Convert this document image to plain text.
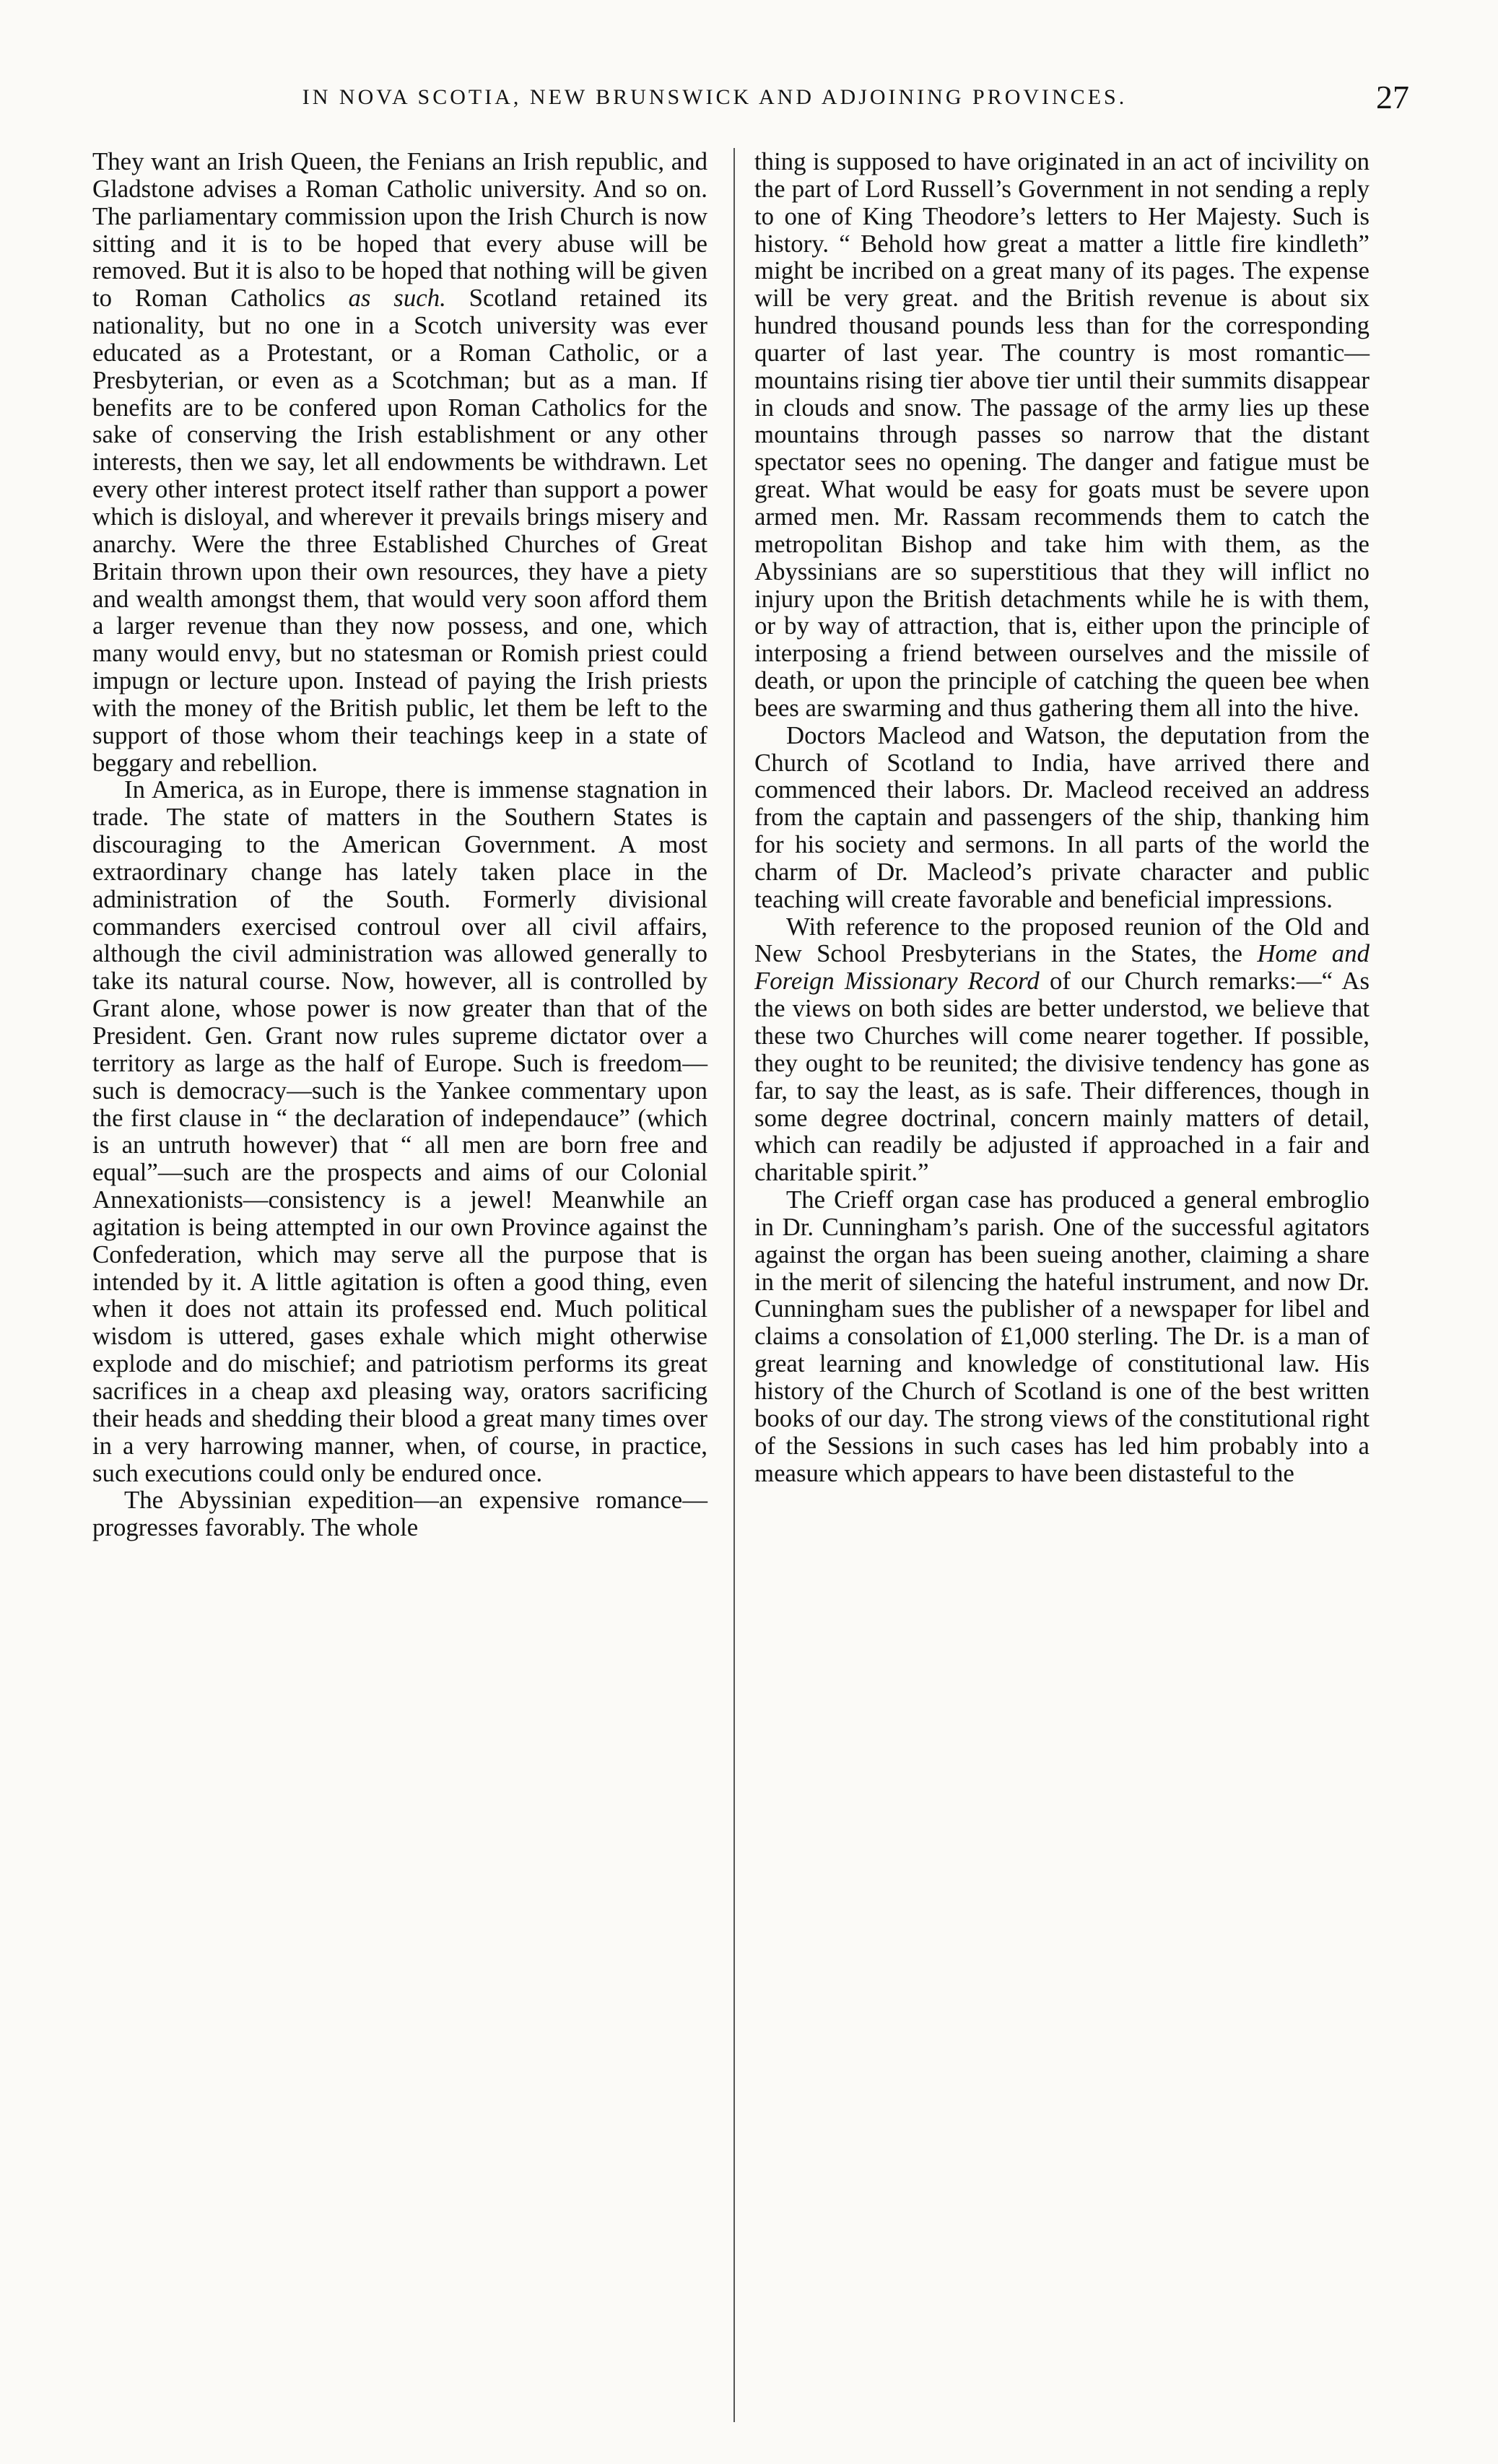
IN NOVA SCOTIA, NEW BRUNSWICK AND ADJOINING PROVINCES.	27

They want an Irish Queen, the Fenians an Irish republic, and Gladstone advises a Roman Catholic university. And so on. The parliamentary commission upon the Irish Church is now sitting and it is to be hoped that every abuse will be removed. But it is also to be hoped that nothing will be given to Roman Catholics as such. Scotland retained its nationality, but no one in a Scotch university was ever educated as a Protestant, or a Roman Catholic, or a Presbyterian, or even as a Scotchman; but as a man. If benefits are to be confered upon Roman Catholics for the sake of conserving the Irish establishment or any other interests, then we say, let all endowments be withdrawn. Let every other interest protect itself rather than support a power which is disloyal, and wherever it prevails brings misery and anarchy. Were the three Established Churches of Great Britain thrown upon their own resources, they have a piety and wealth amongst them, that would very soon afford them a larger revenue than they now possess, and one, which many would envy, but no statesman or Romish priest could impugn or lecture upon. Instead of paying the Irish priests with the money of the British public, let them be left to the support of those whom their teachings keep in a state of beggary and rebellion.

In America, as in Europe, there is immense stagnation in trade. The state of matters in the Southern States is discouraging to the American Government. A most extraordinary change has lately taken place in the administration of the South. Formerly divisional commanders exercised controul over all civil affairs, although the civil administration was allowed generally to take its natural course. Now, however, all is controlled by Grant alone, whose power is now greater than that of the President. Gen. Grant now rules supreme dictator over a territory as large as the half of Europe. Such is freedom—such is democracy—such is the Yankee commentary upon the first clause in “ the declaration of independauce” (which is an untruth however) that “ all men are born free and equal”—such are the prospects and aims of our Colonial Annexationists—consistency is a jewel! Meanwhile an agitation is being attempted in our own Province against the Confederation, which may serve all the purpose that is intended by it. A little agitation is often a good thing, even when it does not attain its professed end. Much political wisdom is uttered, gases exhale which might otherwise explode and do mischief; and patriotism performs its great sacrifices in a cheap axd pleasing way, orators sacrificing their heads and shedding their blood a great many times over in a very harrowing manner, when, of course, in practice, such executions could only be endured once.

The Abyssinian expedition—an expensive romance—progresses favorably. The whole

thing is supposed to have originated in an act of incivility on the part of Lord Russell’s Government in not sending a reply to one of King Theodore’s letters to Her Majesty. Such is history. “ Behold how great a matter a little fire kindleth” might be incribed on a great many of its pages. The expense will be very great. and the British revenue is about six hundred thousand pounds less than for the corresponding quarter of last year. The country is most romantic—mountains rising tier above tier until their summits disappear in clouds and snow. The passage of the army lies up these mountains through passes so narrow that the distant spectator sees no opening. The danger and fatigue must be great. What would be easy for goats must be severe upon armed men. Mr. Rassam recommends them to catch the metropolitan Bishop and take him with them, as the Abyssinians are so superstitious that they will inflict no injury upon the British detachments while he is with them, or by way of attraction, that is, either upon the principle of interposing a friend between ourselves and the missile of death, or upon the principle of catching the queen bee when bees are swarming and thus gathering them all into the hive.

Doctors Macleod and Watson, the deputation from the Church of Scotland to India, have arrived there and commenced their labors. Dr. Macleod received an address from the captain and passengers of the ship, thanking him for his society and sermons. In all parts of the world the charm of Dr. Macleod’s private character and public teaching will create favorable and beneficial impressions.

With reference to the proposed reunion of the Old and New School Presbyterians in the States, the Home and Foreign Missionary Record of our Church remarks:—“ As the views on both sides are better understod, we believe that these two Churches will come nearer together. If possible, they ought to be reunited; the divisive tendency has gone as far, to say the least, as is safe. Their differences, though in some degree doctrinal, concern mainly matters of detail, which can readily be adjusted if approached in a fair and charitable spirit.”

The Crieff organ case has produced a general embroglio in Dr. Cunningham’s parish. One of the successful agitators against the organ has been sueing another, claiming a share in the merit of silencing the hateful instrument, and now Dr. Cunningham sues the publisher of a newspaper for libel and claims a consolation of £1,000 sterling. The Dr. is a man of great learning and knowledge of constitutional law. His history of the Church of Scotland is one of the best written books of our day. The strong views of the constitutional right of the Sessions in such cases has led him probably into a measure which appears to have been distasteful to the
